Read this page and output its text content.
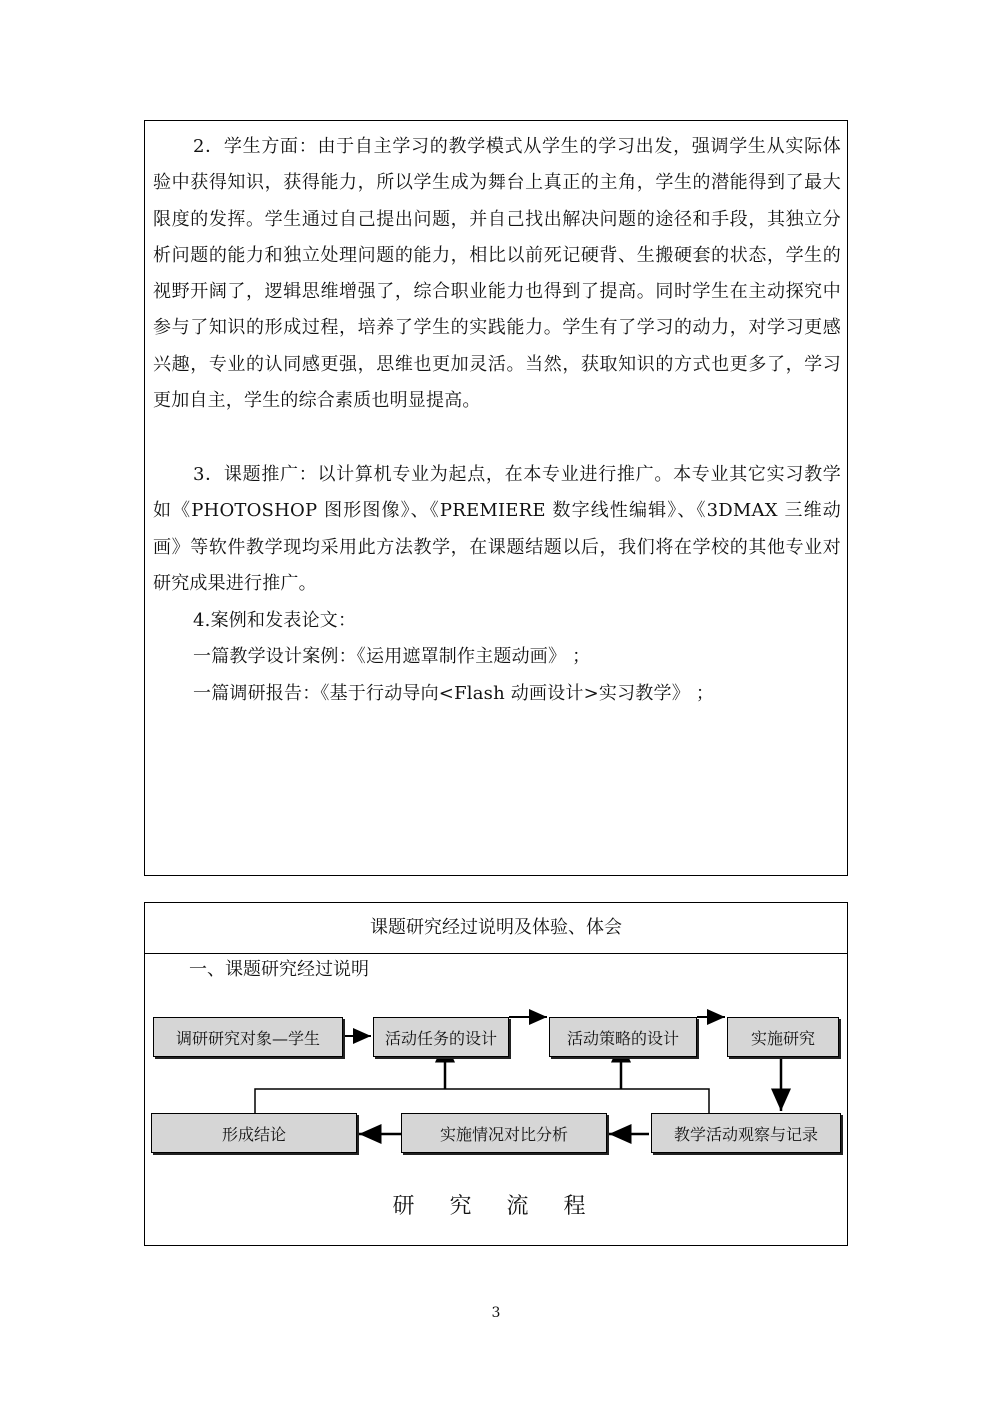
2．学生方面：由于自主学习的教学模式从学生的学习出发，强调学生从实际体验中获得知识，获得能力，所以学生成为舞台上真正的主角，学生的潜能得到了最大限度的发挥。学生通过自己提出问题，并自己找出解决问题的途径和手段，其独立分析问题的能力和独立处理问题的能力，相比以前死记硬背、生搬硬套的状态，学生的视野开阔了，逻辑思维增强了，综合职业能力也得到了提高。同时学生在主动探究中参与了知识的形成过程，培养了学生的实践能力。学生有了学习的动力，对学习更感兴趣，专业的认同感更强，思维也更加灵活。当然，获取知识的方式也更多了，学习更加自主，学生的综合素质也明显提高。

3．课题推广：以计算机专业为起点，在本专业进行推广。本专业其它实习教学如《PHOTOSHOP 图形图像》、《PREMIERE 数字线性编辑》、《3DMAX 三维动画》等软件教学现均采用此方法教学，在课题结题以后，我们将在学校的其他专业对研究成果进行推广。

4.案例和发表论文：
一篇教学设计案例：《运用遮罩制作主题动画》 ；
一篇调研报告：《基于行动导向<Flash 动画设计>实习教学》 ；
课题研究经过说明及体验、体会
一、课题研究经过说明
调研研究对象—学生	活动任务的设计	活动策略的设计	实施研究
教学活动观察与记录
实施情况对比分析
形成结论
研 究 流 程
3
